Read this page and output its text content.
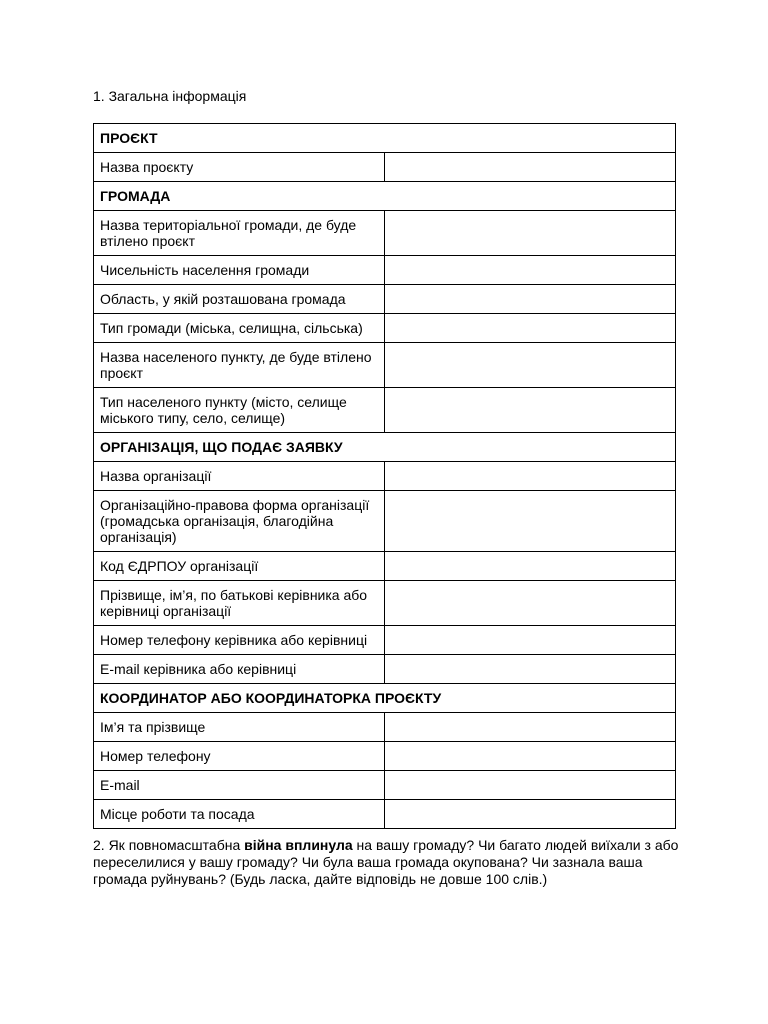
1. Загальна інформація
ПРОЄКТ	
Назва проєкту	
ГРОМАДА	
Назва територіальної громади, де буде втілено проєкт	
Чисельність населення громади	
Область, у якій розташована громада	
Тип громади (міська, селищна, сільська)	
Назва населеного пункту, де буде втілено проєкт	
Тип населеного пункту (місто, селище міського типу, село, селище)	
ОРГАНІЗАЦІЯ, ЩО ПОДАЄ ЗАЯВКУ	
Назва організації	
Організаційно-правова форма організації (громадська організація, благодійна організація)	
Код ЄДРПОУ організації	
Прізвище, ім’я, по батькові керівника або керівниці організації	
Номер телефону керівника або керівниці	
E-mail керівника або керівниці	
КООРДИНАТОР АБО КООРДИНАТОРКА ПРОЄКТУ	
Ім’я та прізвище	
Номер телефону	
E-mail	
Місце роботи та посада	
2. Як повномасштабна війна вплинула на вашу громаду? Чи багато людей виїхали з або переселилися у вашу громаду? Чи була ваша громада окупована? Чи зазнала ваша громада руйнувань? (Будь ласка, дайте відповідь не довше 100 слів.)
